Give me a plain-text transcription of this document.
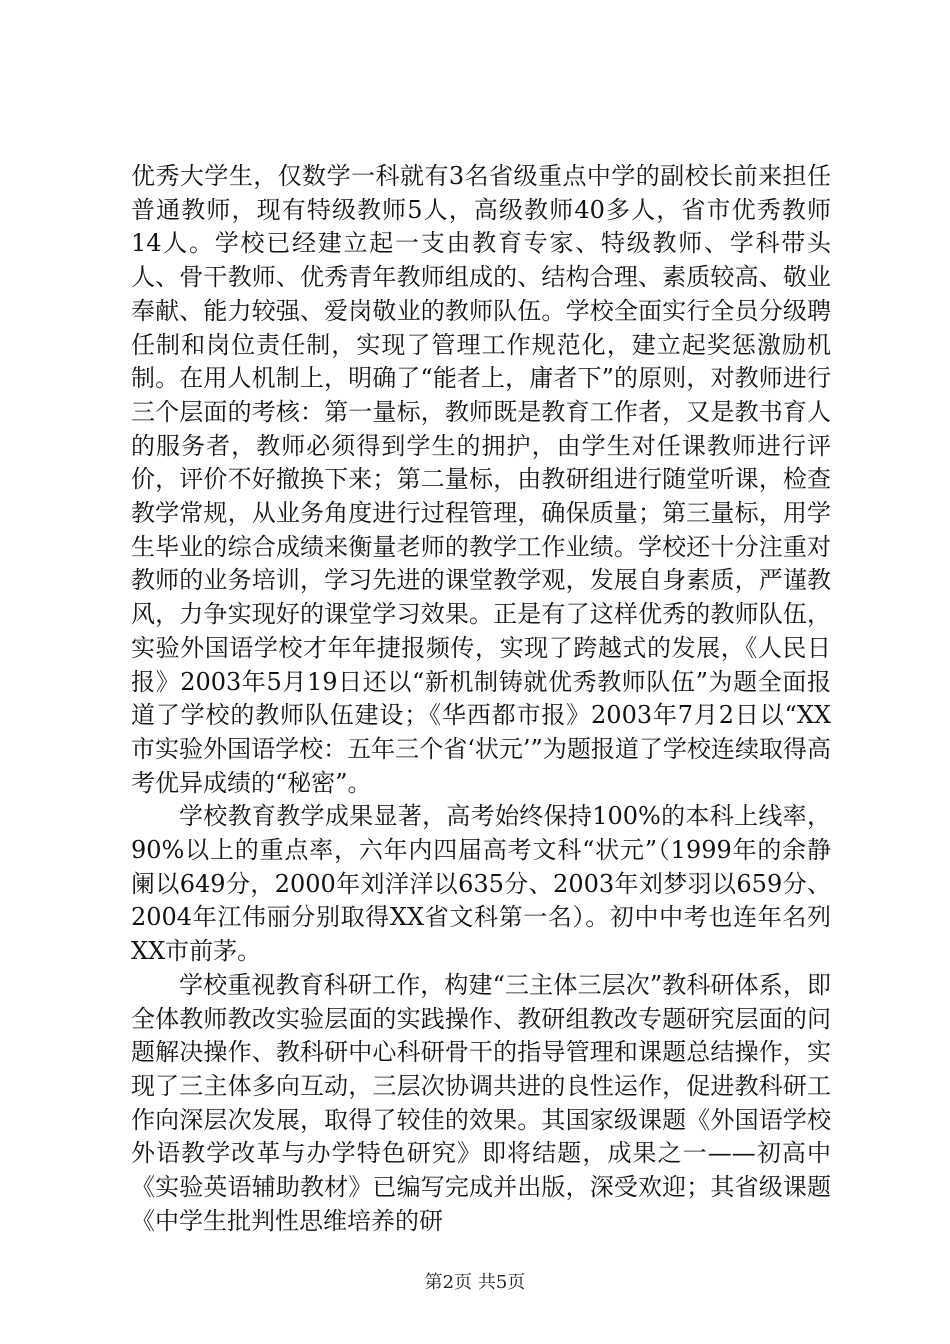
优秀大学生，仅数学一科就有3名省级重点中学的副校长前来担任普通教师，现有特级教师5人，高级教师40多人，省市优秀教师14人。学校已经建立起一支由教育专家、特级教师、学科带头人、骨干教师、优秀青年教师组成的、结构合理、素质较高、敬业奉献、能力较强、爱岗敬业的教师队伍。学校全面实行全员分级聘任制和岗位责任制，实现了管理工作规范化，建立起奖惩激励机制。在用人机制上，明确了“能者上，庸者下”的原则，对教师进行三个层面的考核：第一量标，教师既是教育工作者，又是教书育人的服务者，教师必须得到学生的拥护，由学生对任课教师进行评价，评价不好撤换下来；第二量标，由教研组进行随堂听课，检查教学常规，从业务角度进行过程管理，确保质量；第三量标，用学生毕业的综合成绩来衡量老师的教学工作业绩。学校还十分注重对教师的业务培训，学习先进的课堂教学观，发展自身素质，严谨教风，力争实现好的课堂学习效果。正是有了这样优秀的教师队伍，实验外国语学校才年年捷报频传，实现了跨越式的发展，《人民日报》2003年5月19日还以“新机制铸就优秀教师队伍”为题全面报道了学校的教师队伍建设；《华西都市报》2003年7月2日以“XX市实验外国语学校：五年三个省‘状元’”为题报道了学校连续取得高考优异成绩的“秘密”。

学校教育教学成果显著，高考始终保持100%的本科上线率，90%以上的重点率，六年内四届高考文科“状元”（1999年的余静阑以649分，2000年刘洋洋以635分、2003年刘梦羽以659分、2004年江伟丽分别取得XX省文科第一名）。初中中考也连年名列XX市前茅。

学校重视教育科研工作，构建“三主体三层次”教科研体系，即全体教师教改实验层面的实践操作、教研组教改专题研究层面的问题解决操作、教科研中心科研骨干的指导管理和课题总结操作，实现了三主体多向互动，三层次协调共进的良性运作，促进教科研工作向深层次发展，取得了较佳的效果。其国家级课题《外国语学校外语教学改革与办学特色研究》即将结题，成果之一——初高中《实验英语辅助教材》已编写完成并出版，深受欢迎；其省级课题《中学生批判性思维培养的研

第2页 共5页
